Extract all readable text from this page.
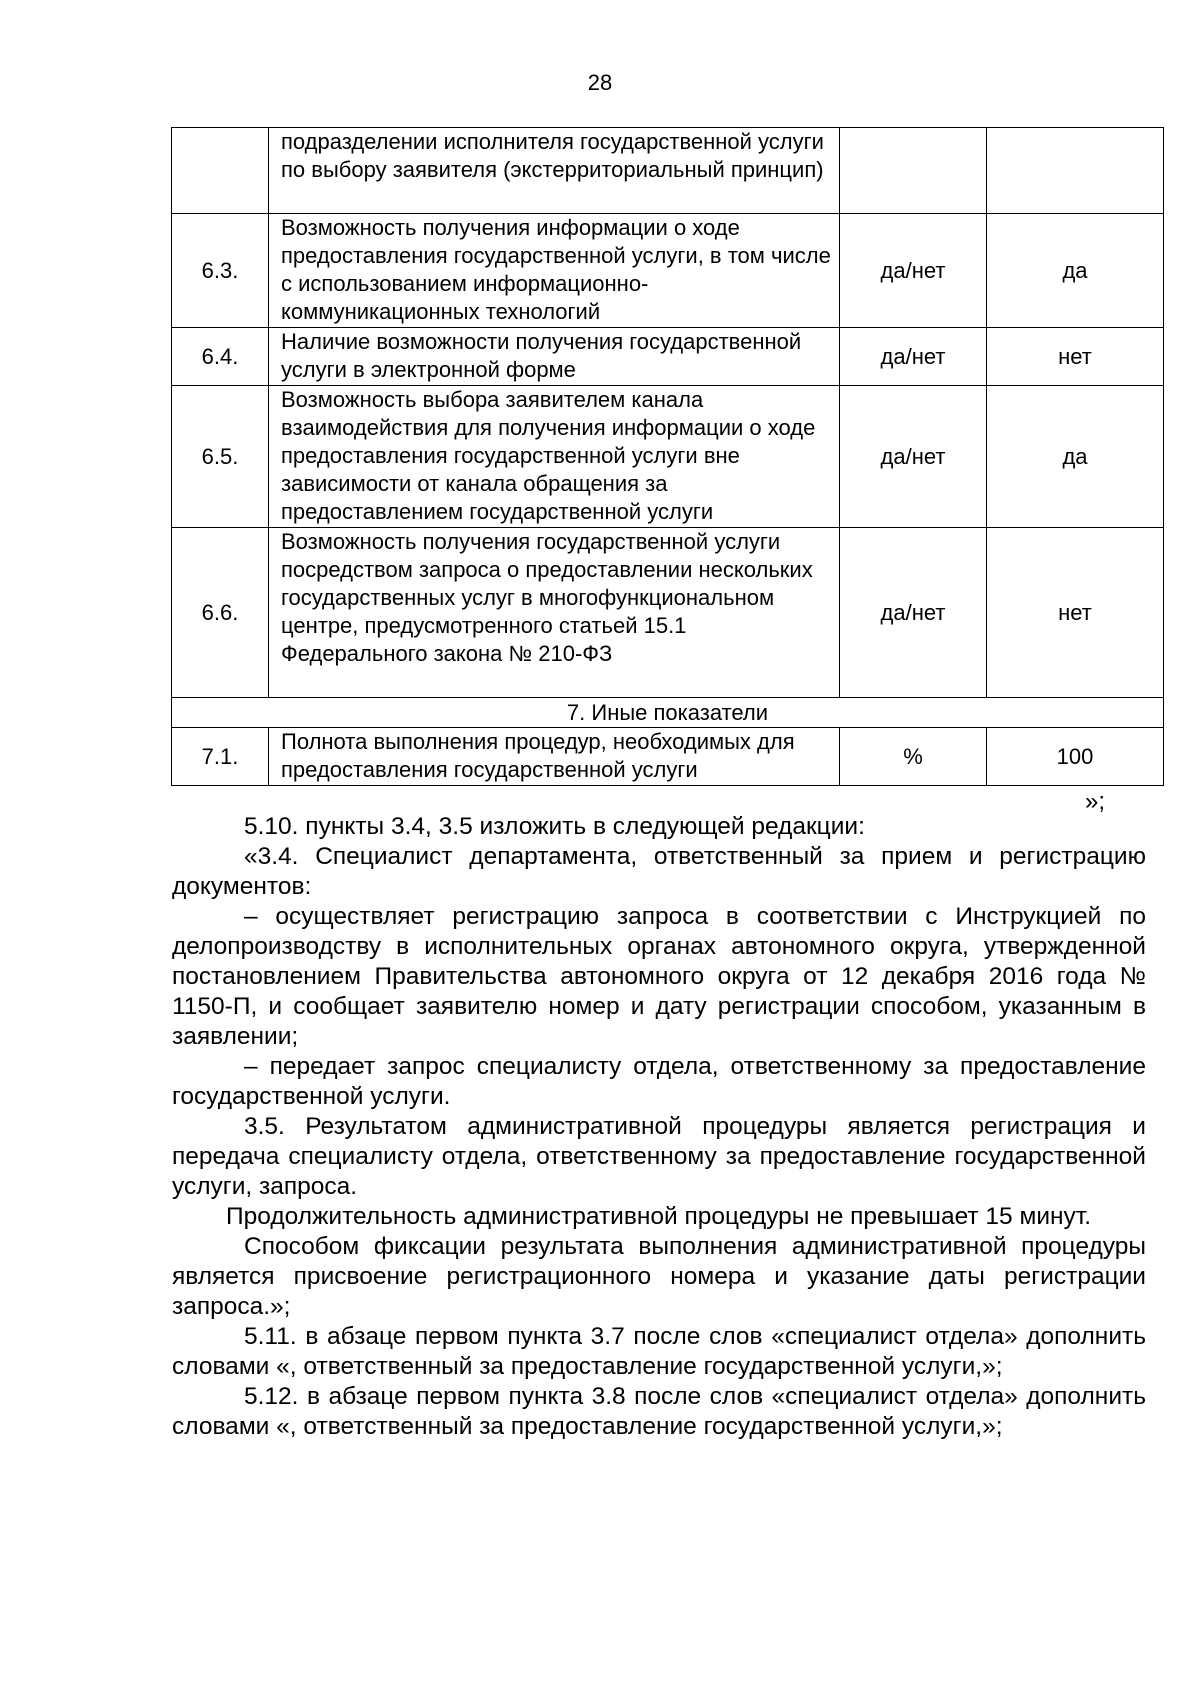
28
	подразделении исполнителя государственной услуги по выбору заявителя (экстерриториальный принцип)		
6.3.	Возможность получения информации о ходе предоставления государственной услуги, в том числе с использованием информационно-коммуникационных технологий	да/нет	да
6.4.	Наличие возможности получения государственной услуги в электронной форме	да/нет	нет
6.5.	Возможность выбора заявителем канала взаимодействия для получения информации о ходе предоставления государственной услуги вне зависимости от канала обращения за предоставлением государственной услуги	да/нет	да
6.6.	Возможность получения государственной услуги посредством запроса о предоставлении нескольких государственных услуг в многофункциональном центре, предусмотренного статьей 15.1 Федерального закона № 210-ФЗ	да/нет	нет
7. Иные показатели			
7.1.	Полнота выполнения процедур, необходимых для предоставления государственной услуги	%	100
»;

5.10. пункты 3.4, 3.5 изложить в следующей редакции:

«3.4. Специалист департамента, ответственный за прием и регистрацию документов:

– осуществляет регистрацию запроса в соответствии с Инструкцией по делопроизводству в исполнительных органах автономного округа, утвержденной постановлением Правительства автономного округа от 12 декабря 2016 года № 1150-П, и сообщает заявителю номер и дату регистрации способом, указанным в заявлении;

– передает запрос специалисту отдела, ответственному за предоставление государственной услуги.

3.5. Результатом административной процедуры является регистрация и передача специалисту отдела, ответственному за предоставление государственной услуги, запроса.

Продолжительность административной процедуры не превышает 15 минут.

Способом фиксации результата выполнения административной процедуры является присвоение регистрационного номера и указание даты регистрации запроса.»;

5.11. в абзаце первом пункта 3.7 после слов «специалист отдела» дополнить словами «, ответственный за предоставление государственной услуги,»;

5.12. в абзаце первом пункта 3.8 после слов «специалист отдела» дополнить словами «, ответственный за предоставление государственной услуги,»;
